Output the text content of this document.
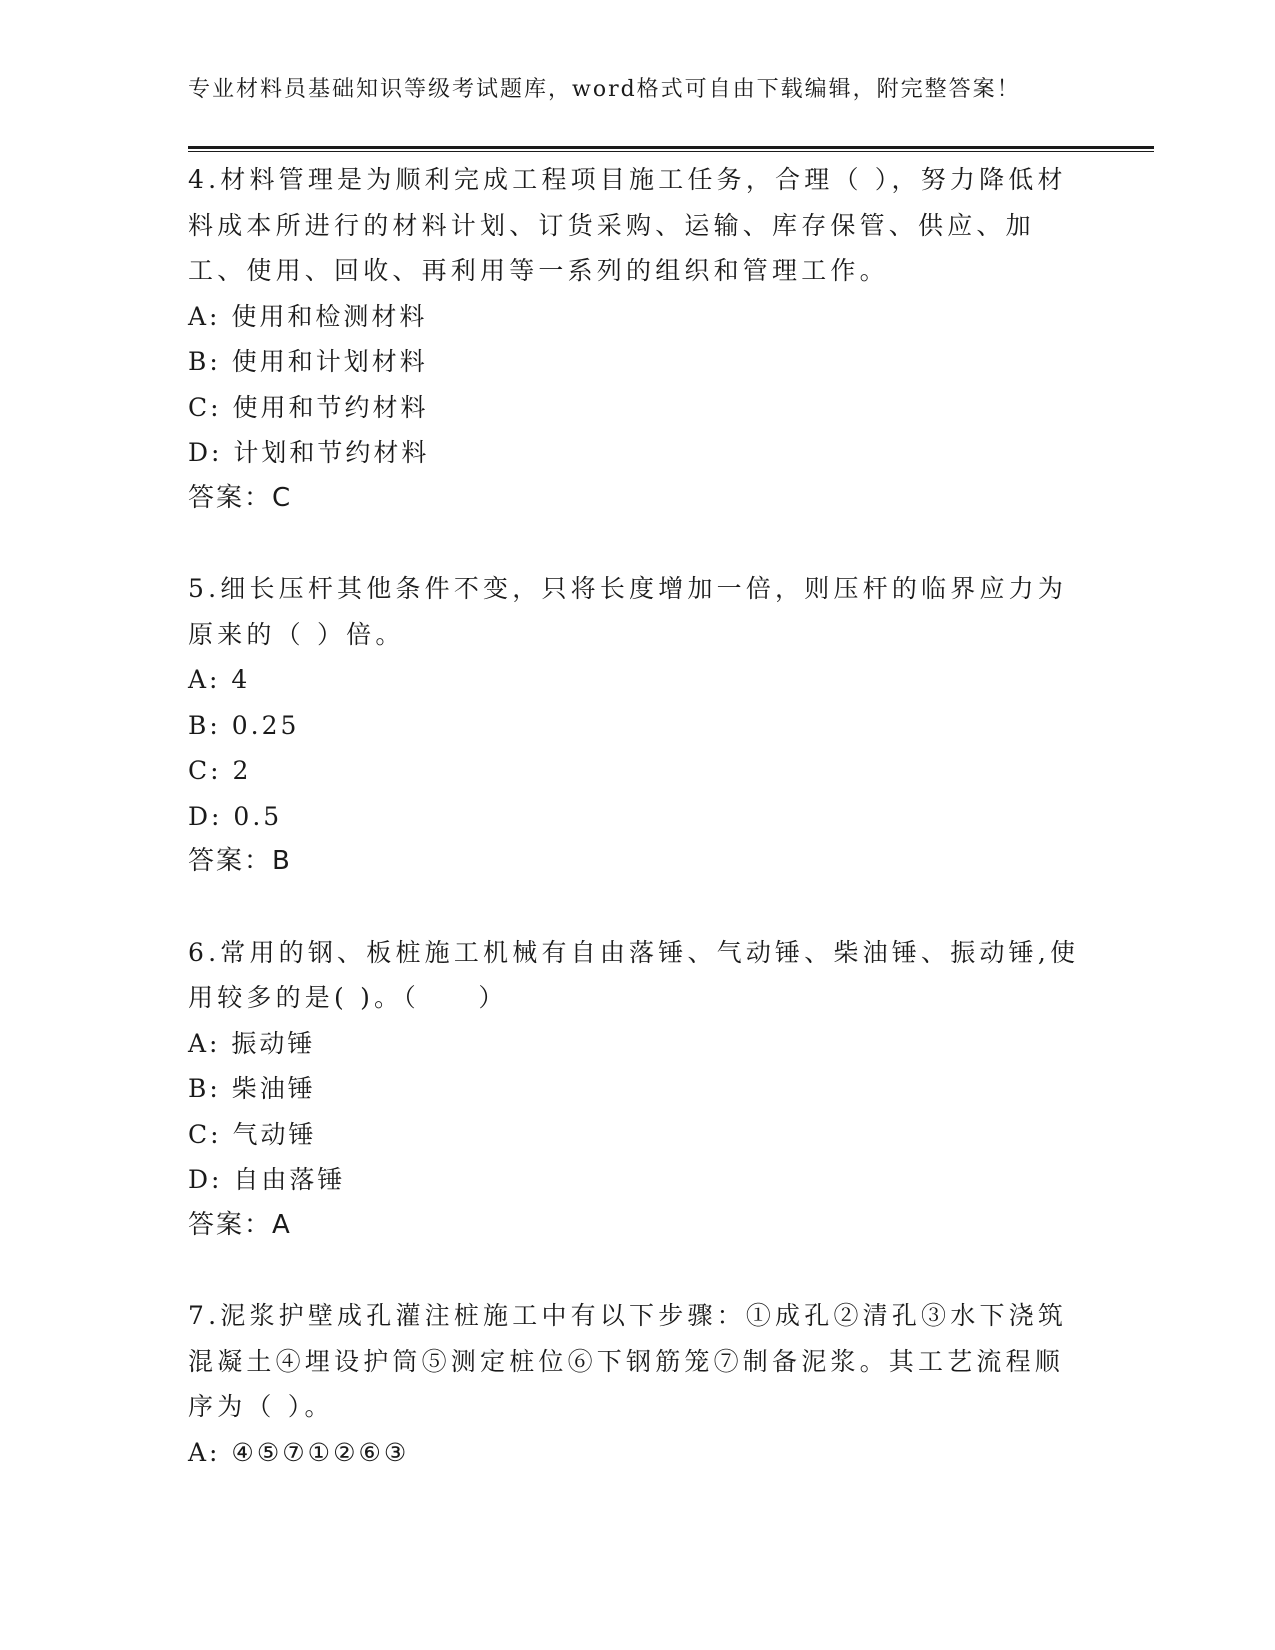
专业材料员基础知识等级考试题库，word格式可自由下载编辑，附完整答案！

4.材料管理是为顺利完成工程项目施工任务，合理（ ），努力降低材料成本所进行的材料计划、订货采购、运输、库存保管、供应、加工、使用、回收、再利用等一系列的组织和管理工作。

A: 使用和检测材料

B: 使用和计划材料

C: 使用和节约材料

D: 计划和节约材料

答案：C

5.细长压杆其他条件不变，只将长度增加一倍，则压杆的临界应力为原来的（ ）倍。

A: 4

B: 0.25

C: 2

D: 0.5

答案：B

6.常用的钢、板桩施工机械有自由落锤、气动锤、柴油锤、振动锤,使用较多的是( )。（　　）

A: 振动锤

B: 柴油锤

C: 气动锤

D: 自由落锤

答案：A

7.泥浆护壁成孔灌注桩施工中有以下步骤：①成孔②清孔③水下浇筑混凝土④埋设护筒⑤测定桩位⑥下钢筋笼⑦制备泥浆。其工艺流程顺序为（ ）。

A: ④⑤⑦①②⑥③
